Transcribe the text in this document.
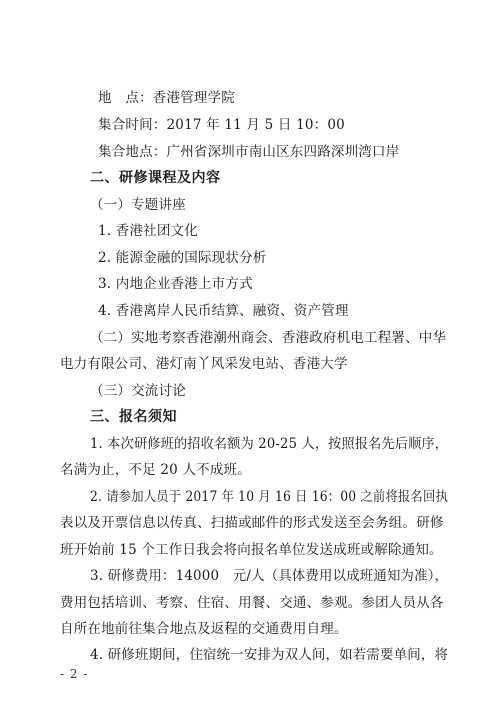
地　点：香港管理学院
集合时间：2017 年 11 月 5 日 10：00
集合地点：广州省深圳市南山区东四路深圳湾口岸
二、研修课程及内容
（一）专题讲座
1. 香港社团文化
2. 能源金融的国际现状分析
3. 内地企业香港上市方式
4. 香港离岸人民币结算、融资、资产管理
（二）实地考察香港潮州商会、香港政府机电工程署、中华
电力有限公司、港灯南丫风采发电站、香港大学
（三）交流讨论
三、报名须知
1. 本次研修班的招收名额为 20-25 人，按照报名先后顺序，
名满为止，不足 20 人不成班。
2. 请参加人员于 2017 年 10 月 16 日 16：00 之前将报名回执
表以及开票信息以传真、扫描或邮件的形式发送至会务组。研修
班开始前 15 个工作日我会将向报名单位发送成班或解除通知。
3. 研修费用：14000　元/人（具体费用以成班通知为准），
费用包括培训、考察、住宿、用餐、交通、参观。参团人员从各
自所在地前往集合地点及返程的交通费用自理。
4. 研修班期间，住宿统一安排为双人间，如若需要单间，将
- 2 -
